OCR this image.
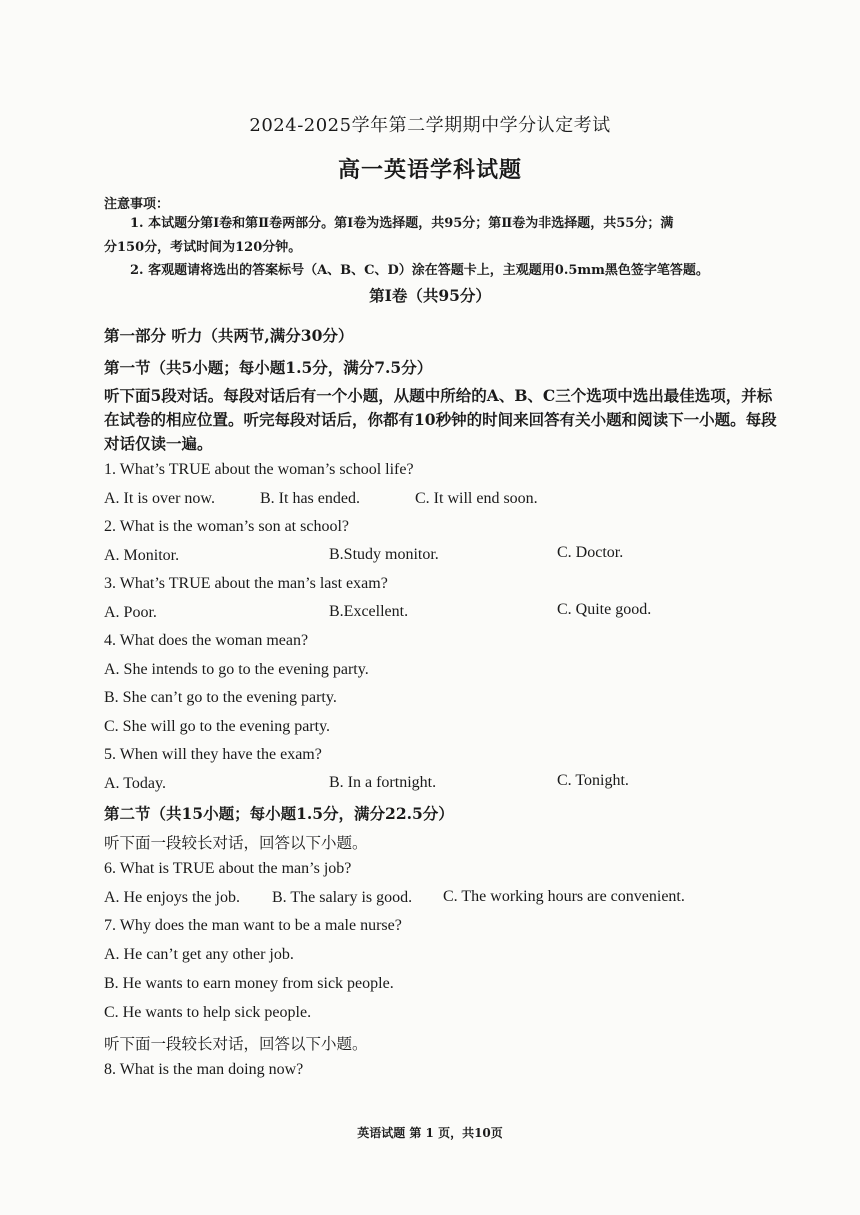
2024-2025学年第二学期期中学分认定考试
高一英语学科试题
注意事项：
1. 本试题分第Ⅰ卷和第Ⅱ卷两部分。第Ⅰ卷为选择题，共95分；第Ⅱ卷为非选择题，共55分；满
分150分，考试时间为120分钟。
2. 客观题请将选出的答案标号（A、B、C、D）涂在答题卡上，主观题用0.5mm黑色签字笔答题。
第Ⅰ卷（共95分）
第一部分 听力（共两节,满分30分）
第一节（共5小题；每小题1.5分，满分7.5分）
听下面5段对话。每段对话后有一个小题，从题中所给的A、B、C三个选项中选出最佳选项，并标在试卷的相应位置。听完每段对话后，你都有10秒钟的时间来回答有关小题和阅读下一小题。每段对话仅读一遍。
1. What’s TRUE about the woman’s school life?
A. It is over now.	B. It has ended.	C. It will end soon.
2. What is the woman’s son at school?
A. Monitor.	B.Study monitor.	C. Doctor.
3. What’s TRUE about the man’s last exam?
A. Poor.	B.Excellent.	C. Quite good.
4. What does the woman mean?
A. She intends to go to the evening party.
B. She can’t go to the evening party.
C. She will go to the evening party.
5. When will they have the exam?
A. Today.	B. In a fortnight.	C. Tonight.
第二节（共15小题；每小题1.5分，满分22.5分）
听下面一段较长对话，回答以下小题。
6. What is TRUE about the man’s job?
A. He enjoys the job. B. The salary is good. C. The working hours are convenient.
7. Why does the man want to be a male nurse?
A. He can’t get any other job.
B. He wants to earn money from sick people.
C. He wants to help sick people.
听下面一段较长对话，回答以下小题。
8. What is the man doing now?
英语试题 第 1 页，共10页
